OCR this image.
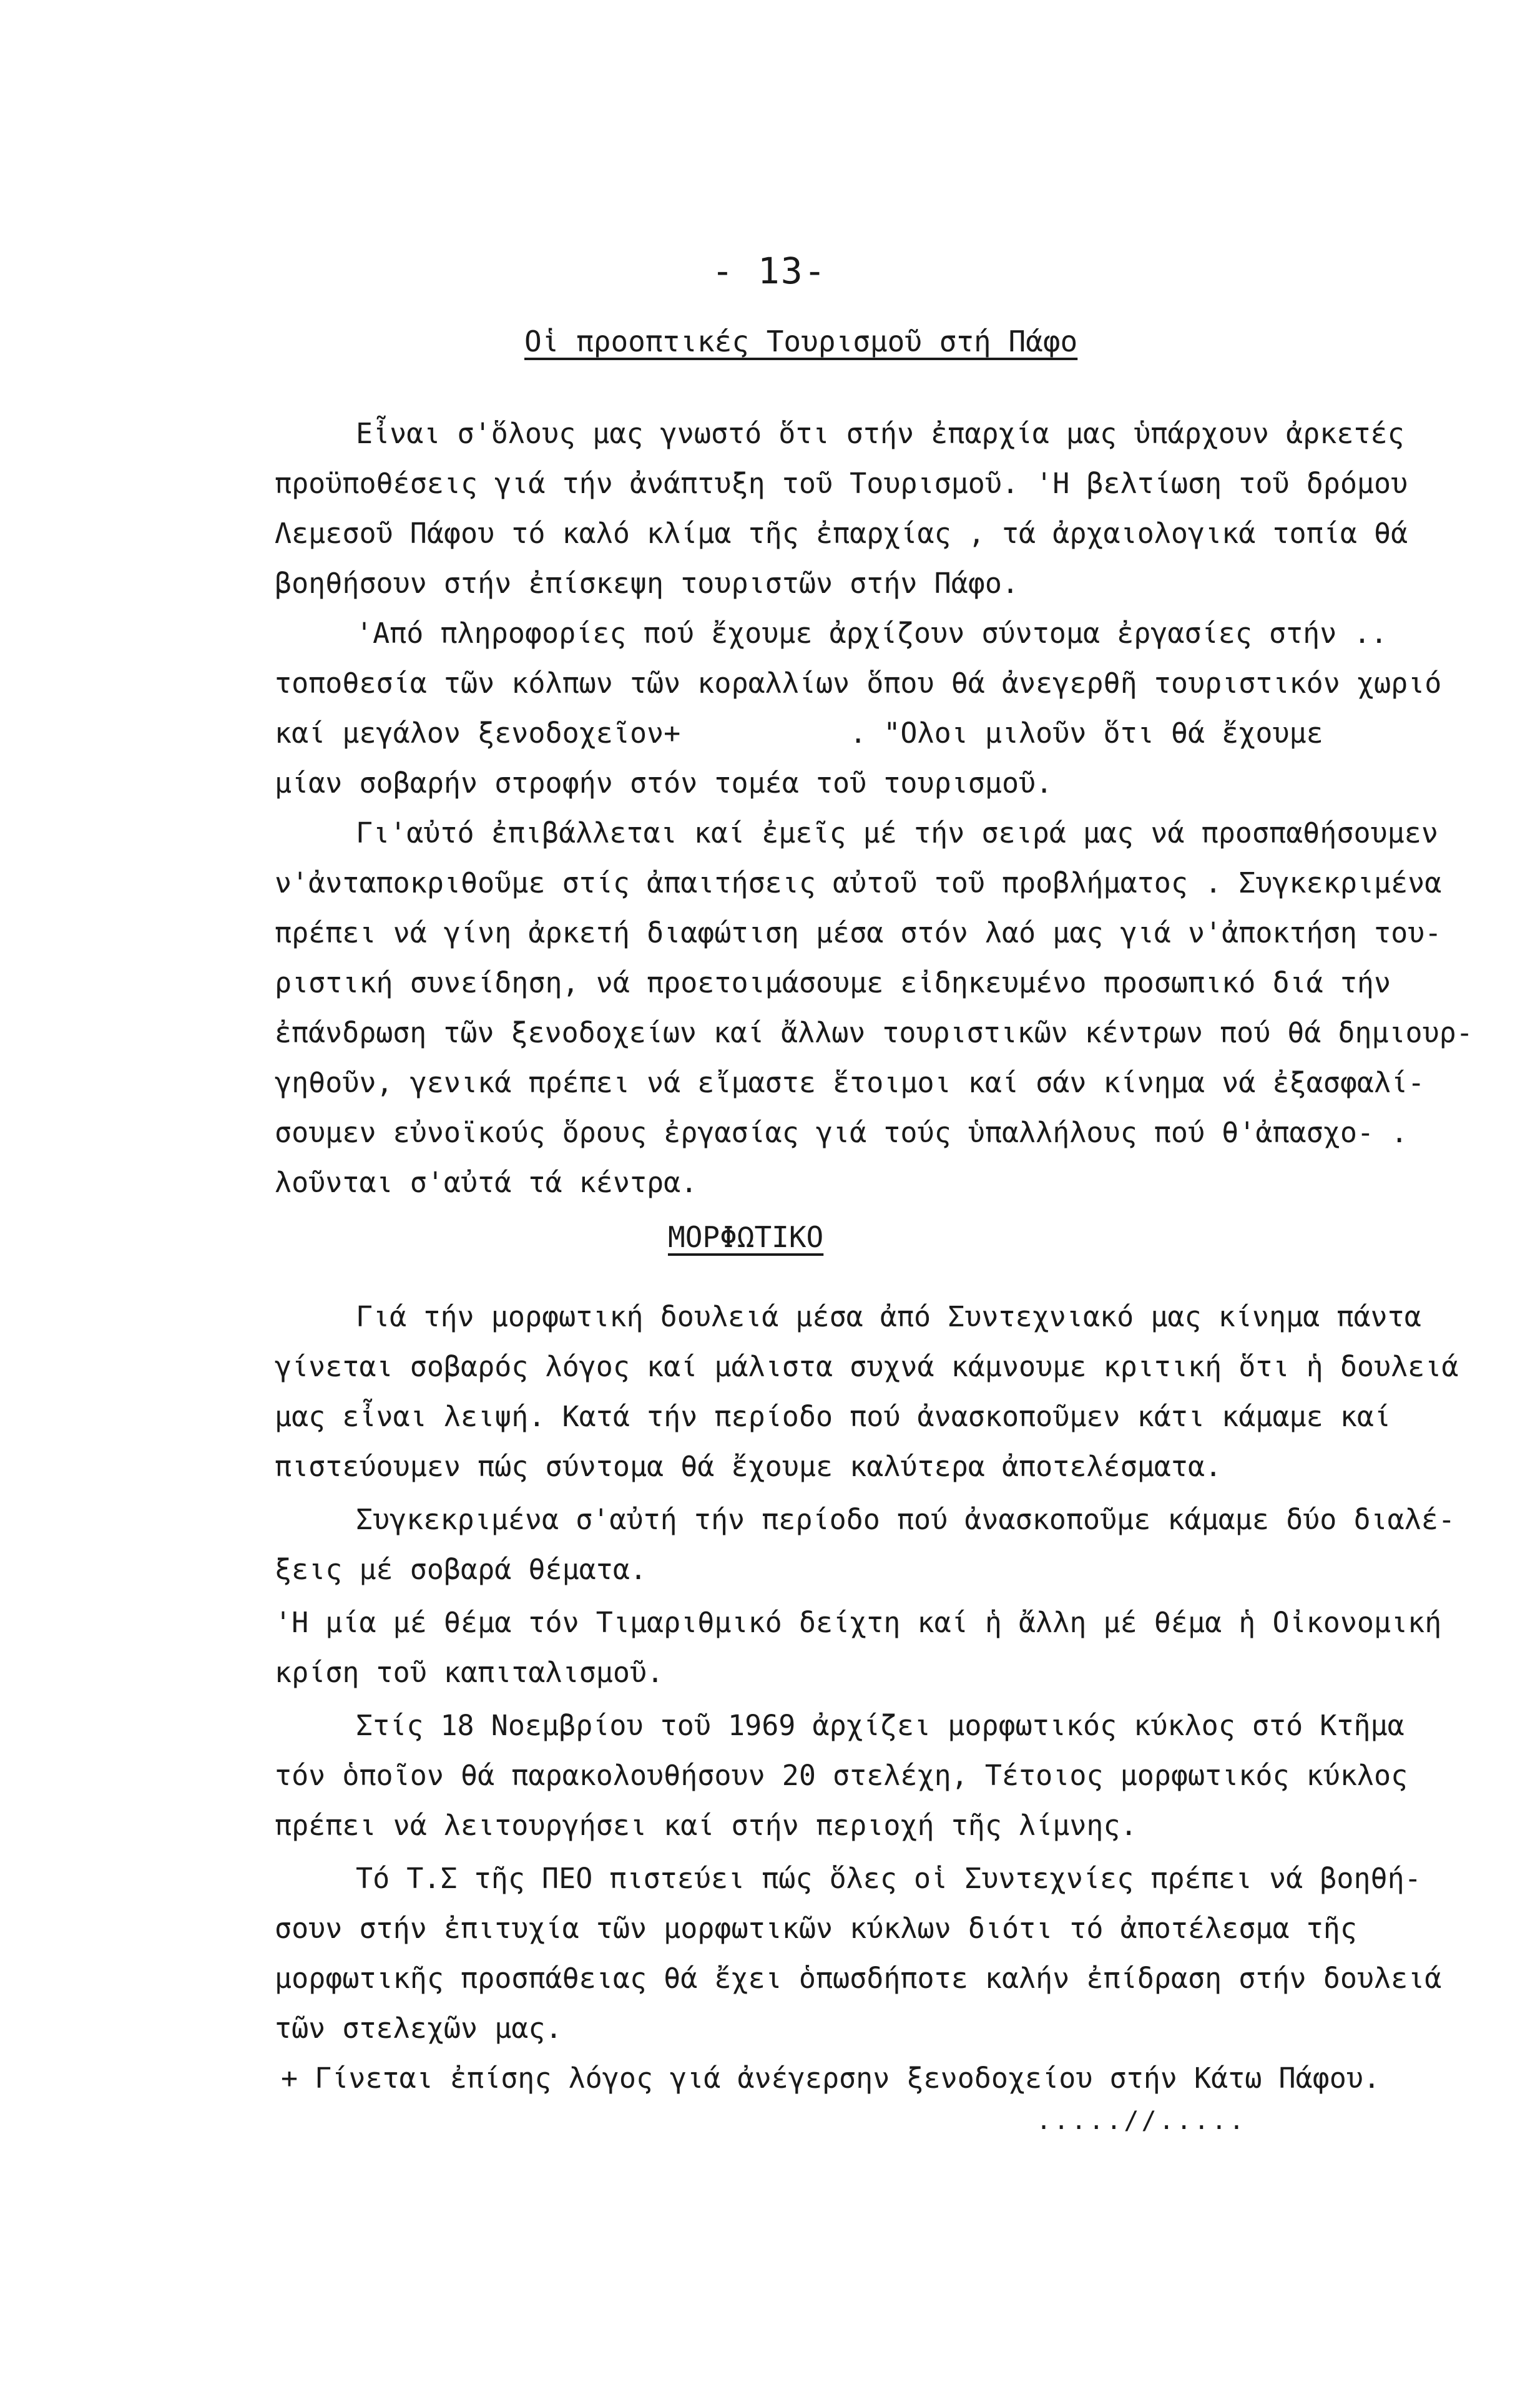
- 13-
Οἱ προοπτικές Τουρισμοῦ στή Πάφο
Εἶναι σ'ὅλους μας γνωστό ὅτι στήν ἐπαρχία μας ὑπάρχουν ἀρκετές
προϋποθέσεις γιά τήν ἀνάπτυξη τοῦ Τουρισμοῦ. 'Η βελτίωση τοῦ δρόμου
Λεμεσοῦ Πάφου τό καλό κλίμα τῆς ἐπαρχίας , τά ἀρχαιολογικά τοπία θά
βοηθήσουν στήν ἐπίσκεψη τουριστῶν στήν Πάφο.
'Από πληροφορίες πού ἔχουμε ἀρχίζουν σύντομα ἐργασίες στήν ..
τοποθεσία τῶν κόλπων τῶν κοραλλίων ὅπου θά ἀνεγερθῆ τουριστικόν χωριό
καί μεγάλον ξενοδοχεῖον+          . "Ολοι μιλοῦν ὅτι θά ἔχουμε
μίαν σοβαρήν στροφήν στόν τομέα τοῦ τουρισμοῦ.
Γι'αὐτό ἐπιβάλλεται καί ἐμεῖς μέ τήν σειρά μας νά προσπαθήσουμεν
ν'ἀνταποκριθοῦμε στίς ἀπαιτήσεις αὐτοῦ τοῦ προβλήματος . Συγκεκριμένα
πρέπει νά γίνη ἀρκετή διαφώτιση μέσα στόν λαό μας γιά ν'ἀποκτήση του-
ριστική συνείδηση, νά προετοιμάσουμε εἰδηκευμένο προσωπικό διά τήν
ἐπάνδρωση τῶν ξενοδοχείων καί ἄλλων τουριστικῶν κέντρων πού θά δημιουρ-
γηθοῦν, γενικά πρέπει νά εἴμαστε ἕτοιμοι καί σάν κίνημα νά ἐξασφαλί-
σουμεν εὐνοϊκούς ὅρους ἐργασίας γιά τούς ὑπαλλήλους πού θ'ἀπασχο- .
λοῦνται σ'αὐτά τά κέντρα.
ΜΟΡΦΩΤΙΚΟ
Γιά τήν μορφωτική δουλειά μέσα ἀπό Συντεχνιακό μας κίνημα πάντα
γίνεται σοβαρός λόγος καί μάλιστα συχνά κάμνουμε κριτική ὅτι ἡ δουλειά
μας εἶναι λειψή. Κατά τήν περίοδο πού ἀνασκοποῦμεν κάτι κάμαμε καί
πιστεύουμεν πώς σύντομα θά ἔχουμε καλύτερα ἀποτελέσματα.
Συγκεκριμένα σ'αὐτή τήν περίοδο πού ἀνασκοποῦμε κάμαμε δύο διαλέ-
ξεις μέ σοβαρά θέματα.
'Η μία μέ θέμα τόν Τιμαριθμικό δείχτη καί ἡ ἄλλη μέ θέμα ἡ Οἰκονομική
κρίση τοῦ καπιταλισμοῦ.
Στίς 18 Νοεμβρίου τοῦ 1969 ἀρχίζει μορφωτικός κύκλος στό Κτῆμα
τόν ὁποῖον θά παρακολουθήσουν 20 στελέχη, Τέτοιος μορφωτικός κύκλος
πρέπει νά λειτουργήσει καί στήν περιοχή τῆς λίμνης.
Τό Τ.Σ τῆς ΠΕΟ πιστεύει πώς ὅλες οἱ Συντεχνίες πρέπει νά βοηθή-
σουν στήν ἐπιτυχία τῶν μορφωτικῶν κύκλων διότι τό ἀποτέλεσμα τῆς
μορφωτικῆς προσπάθειας θά ἔχει ὁπωσδήποτε καλήν ἐπίδραση στήν δουλειά
τῶν στελεχῶν μας.
+ Γίνεται ἐπίσης λόγος γιά ἀνέγερσην ξενοδοχείου στήν Κάτω Πάφου.
.....//.....
